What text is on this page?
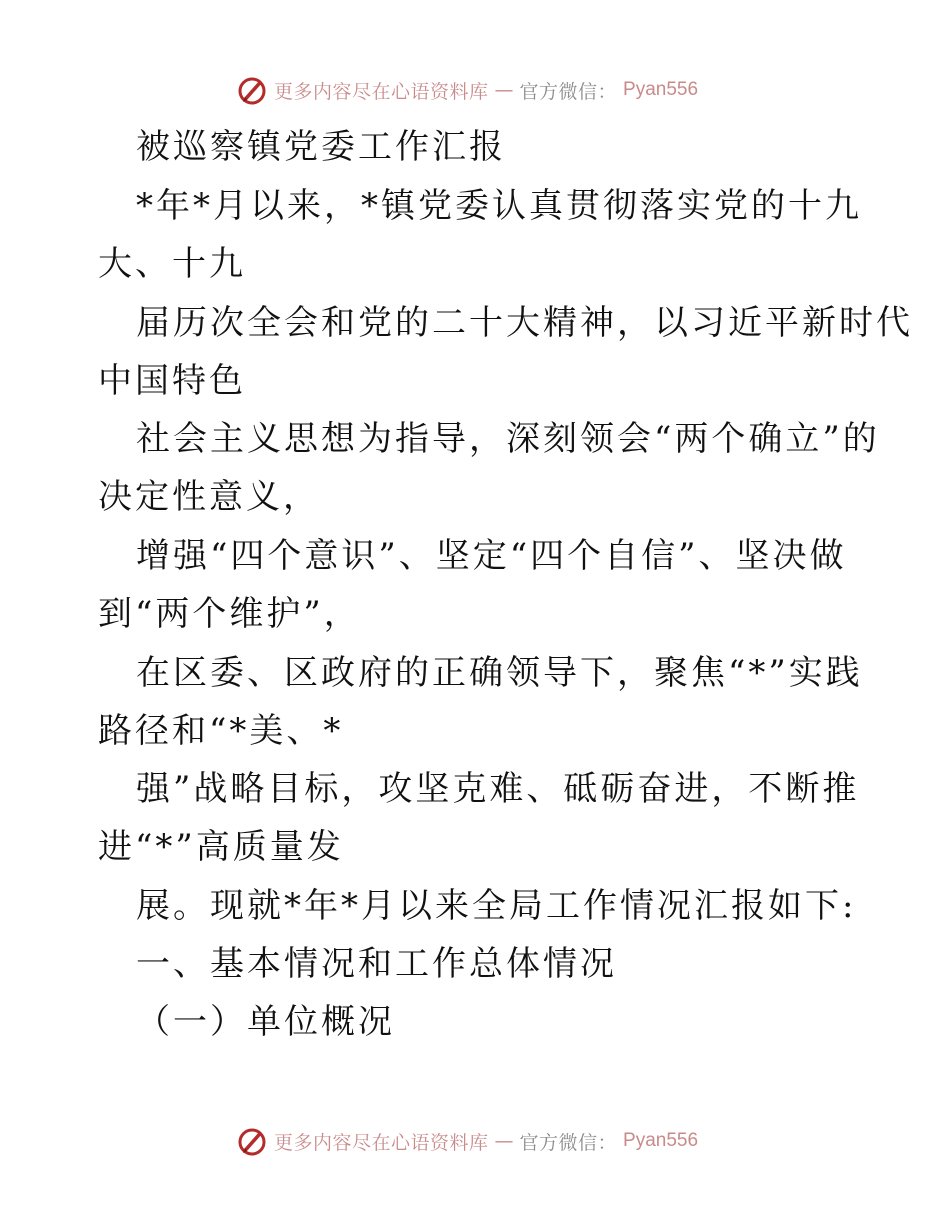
更多内容尽在心语资料库 — 官方微信： Pyan556
被巡察镇党委工作汇报
*年*月以来，*镇党委认真贯彻落实党的十九
大、十九
届历次全会和党的二十大精神，以习近平新时代
中国特色
社会主义思想为指导，深刻领会“两个确立”的
决定性意义，
增强“四个意识”、坚定“四个自信”、坚决做
到“两个维护”，
在区委、区政府的正确领导下，聚焦“*”实践
路径和“*美、*
强”战略目标，攻坚克难、砥砺奋进，不断推
进“*”高质量发
展。现就*年*月以来全局工作情况汇报如下:
一、基本情况和工作总体情况
（一）单位概况
更多内容尽在心语资料库 — 官方微信： Pyan556
